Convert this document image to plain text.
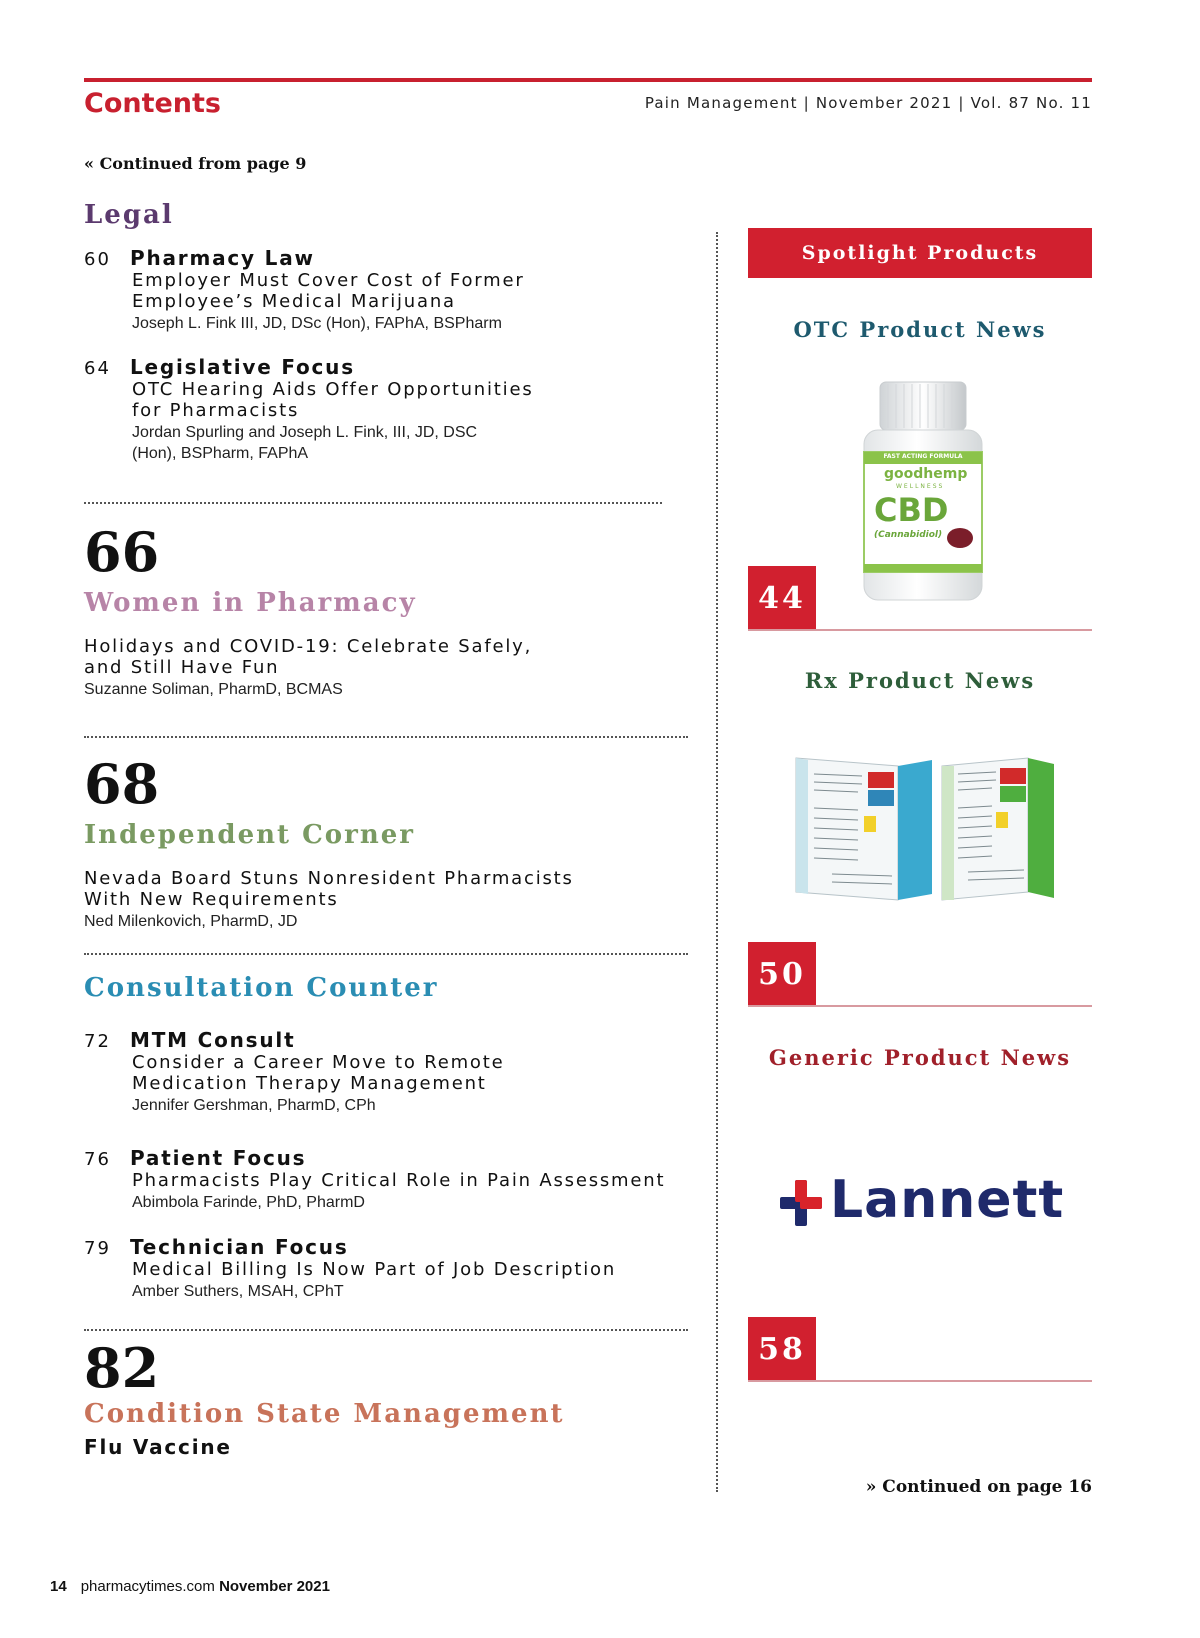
Contents	Pain Management | November 2021 | Vol. 87 No. 11
« Continued from page 9
Legal
60 Pharmacy Law
Employer Must Cover Cost of Former
Employee’s Medical Marijuana
Joseph L. Fink III, JD, DSc (Hon), FAPhA, BSPharm
64 Legislative Focus
OTC Hearing Aids Offer Opportunities
for Pharmacists
Jordan Spurling and Joseph L. Fink, III, JD, DSC
(Hon), BSPharm, FAPhA
66
Women in Pharmacy
Holidays and COVID-19: Celebrate Safely,
and Still Have Fun
Suzanne Soliman, PharmD, BCMAS
68
Independent Corner
Nevada Board Stuns Nonresident Pharmacists
With New Requirements
Ned Milenkovich, PharmD, JD
Consultation Counter
72 MTM Consult
Consider a Career Move to Remote
Medication Therapy Management
Jennifer Gershman, PharmD, CPh
76 Patient Focus
Pharmacists Play Critical Role in Pain Assessment
Abimbola Farinde, PhD, PharmD
79 Technician Focus
Medical Billing Is Now Part of Job Description
Amber Suthers, MSAH, CPhT
82
Condition State Management
Flu Vaccine
Spotlight Products
OTC Product News
FAST ACTING FORMULA
goodhemp
WELLNESS
CBD
(Cannabidiol)
44
Rx Product News
50
Generic Product News
Lannett
58
» Continued on page 16
14 pharmacytimes.com November 2021
